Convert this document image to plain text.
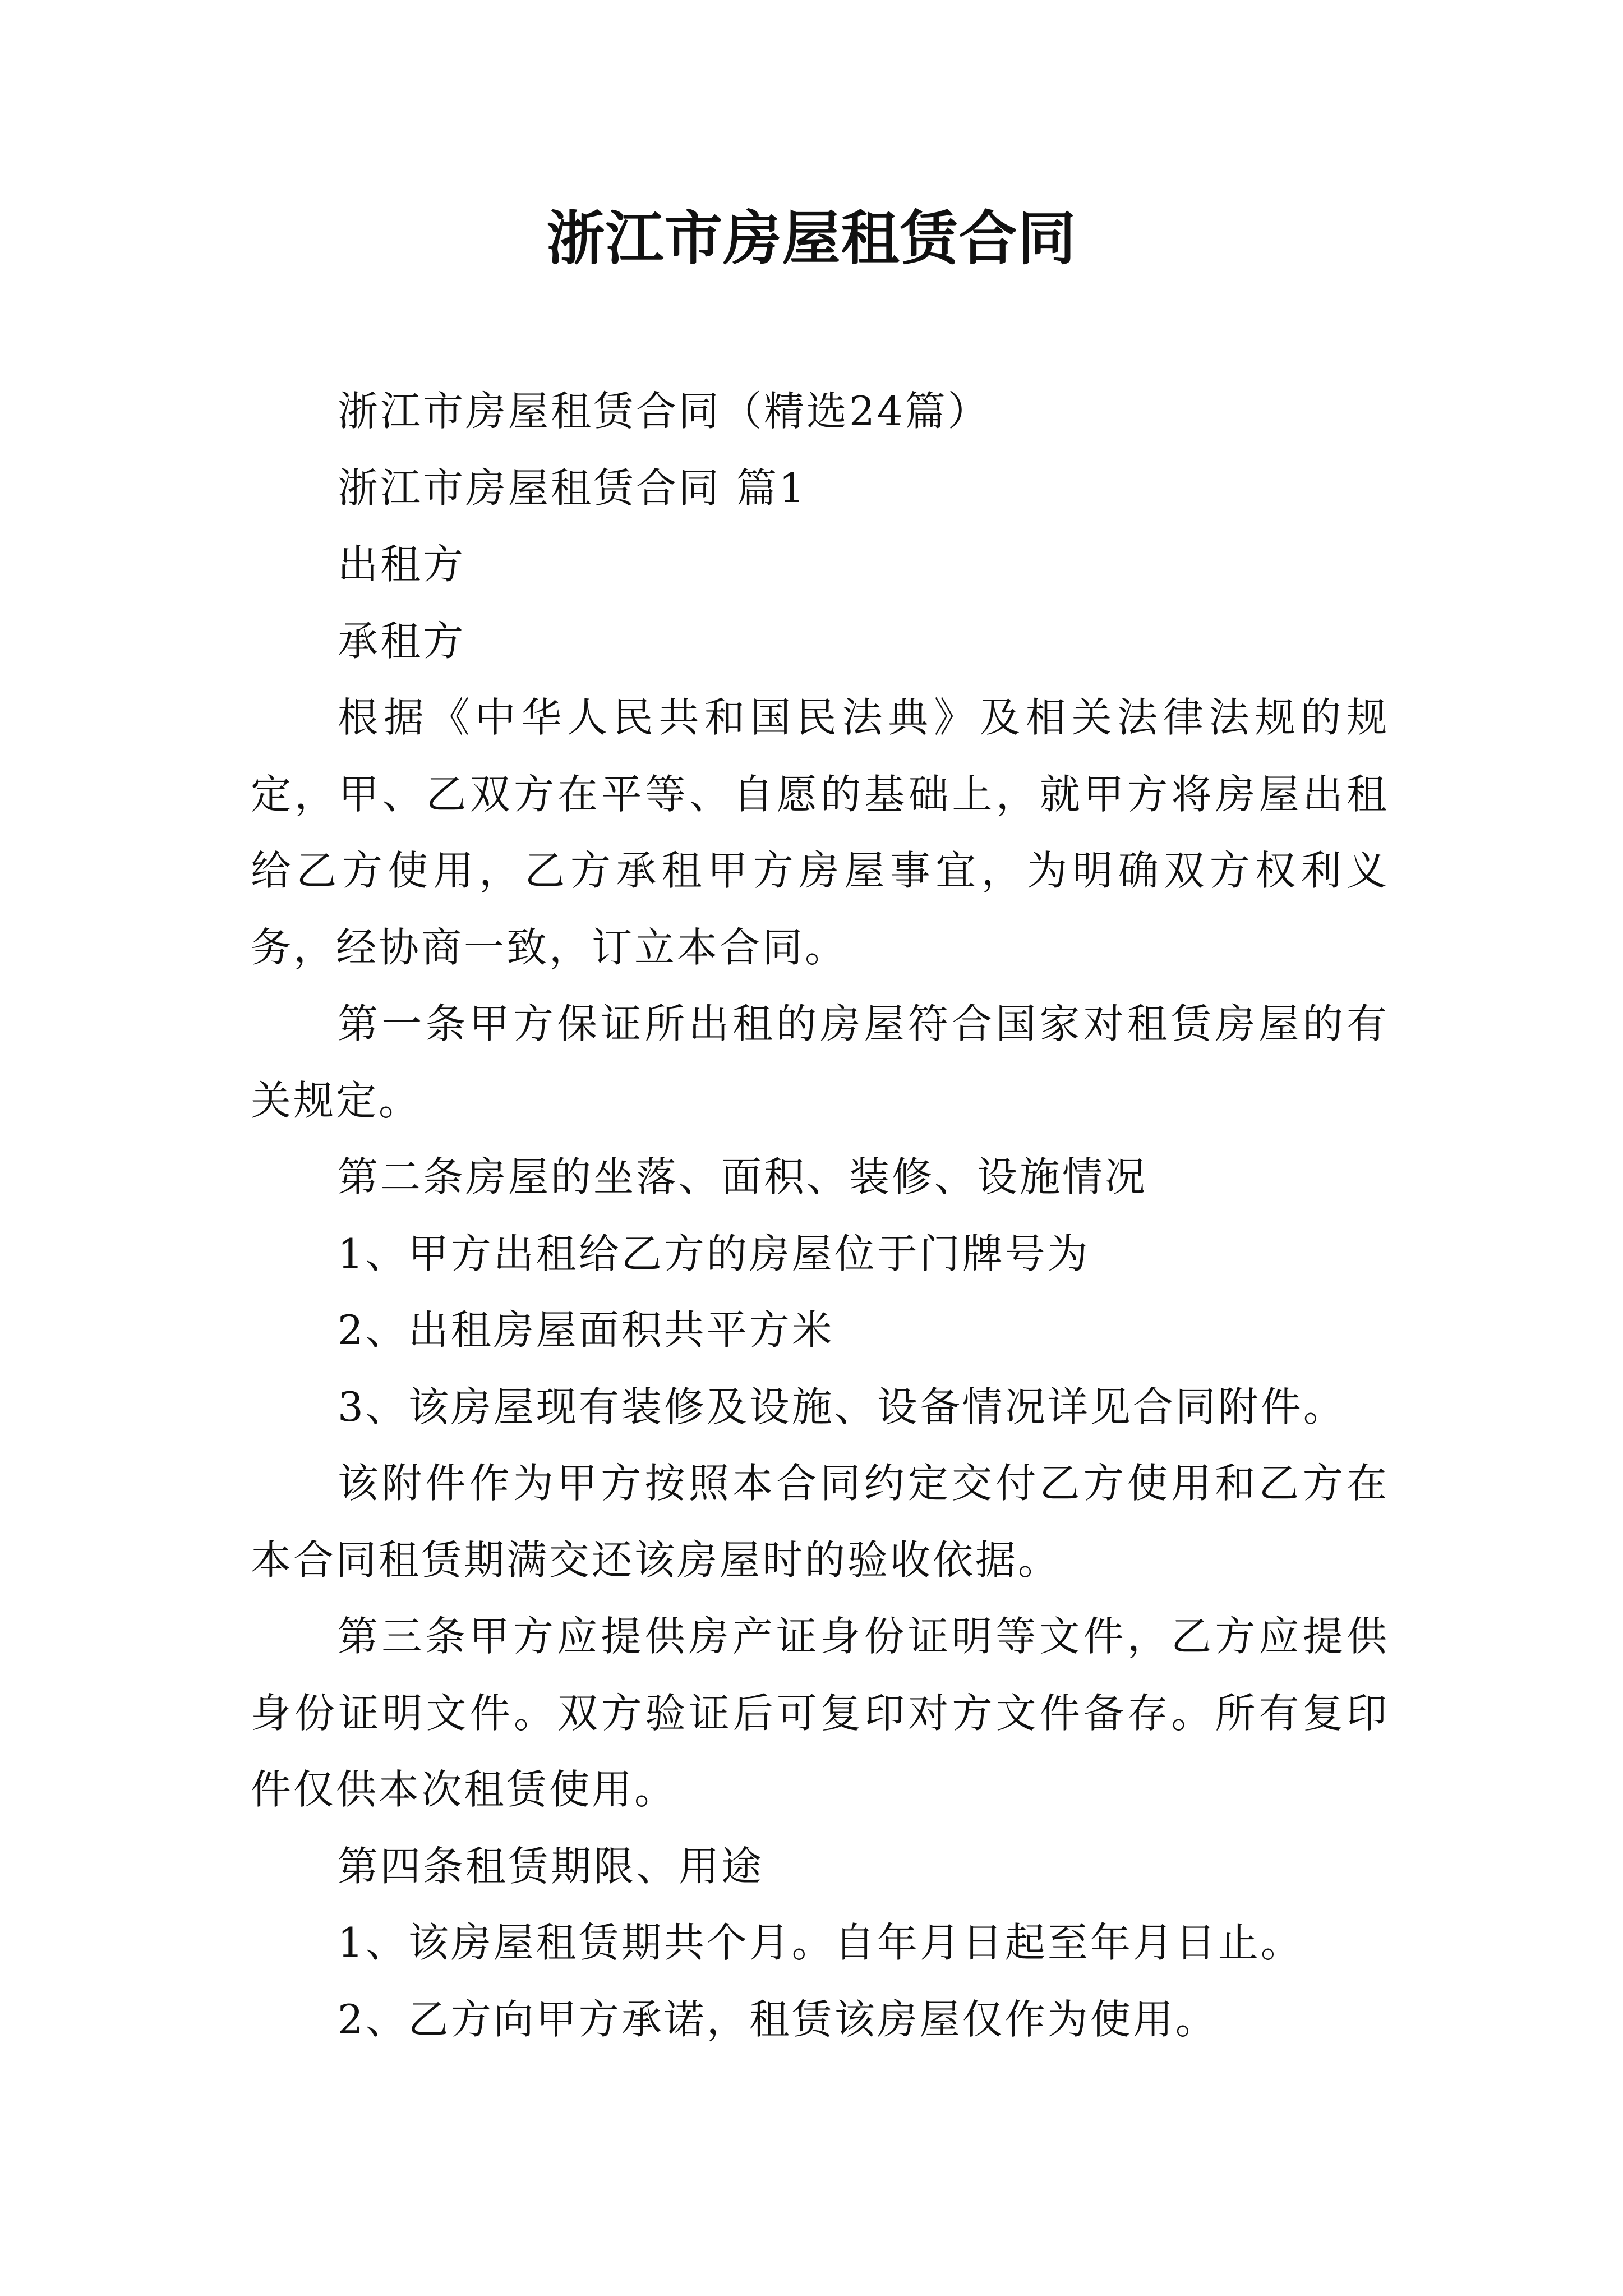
浙江市房屋租赁合同

浙江市房屋租赁合同（精选24篇）

浙江市房屋租赁合同 篇1

出租方

承租方

根据《中华人民共和国民法典》及相关法律法规的规定，甲、乙双方在平等、自愿的基础上，就甲方将房屋出租给乙方使用，乙方承租甲方房屋事宜，为明确双方权利义务，经协商一致，订立本合同。

第一条甲方保证所出租的房屋符合国家对租赁房屋的有关规定。

第二条房屋的坐落、面积、装修、设施情况

1、甲方出租给乙方的房屋位于门牌号为

2、出租房屋面积共平方米

3、该房屋现有装修及设施、设备情况详见合同附件。

该附件作为甲方按照本合同约定交付乙方使用和乙方在本合同租赁期满交还该房屋时的验收依据。

第三条甲方应提供房产证身份证明等文件，乙方应提供身份证明文件。双方验证后可复印对方文件备存。所有复印件仅供本次租赁使用。

第四条租赁期限、用途

1、该房屋租赁期共个月。自年月日起至年月日止。

2、乙方向甲方承诺，租赁该房屋仅作为使用。
